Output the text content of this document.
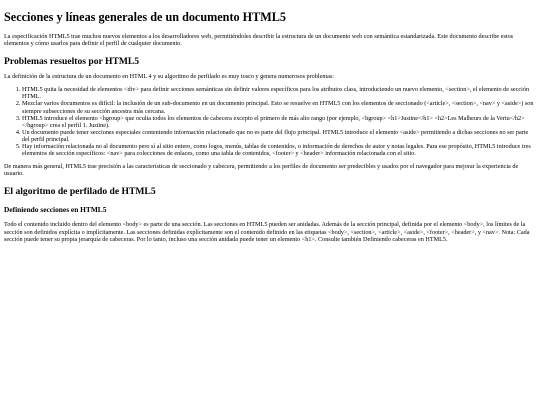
Secciones y líneas generales de un documento HTML5

La especificación HTML5 trae muchos nuevos elementos a los desarrolladores web, permitiéndoles describir la estructura de un documento web con semántica estandarizada. Este documento describe estos elementos y cómo usarlos para definir el perfil de cualquier documento.

Problemas resueltos por HTML5

La definición de la estructura de un documento en HTML 4 y su algoritmo de perfilado es muy tosco y genera numerosos problemas:

1. HTML5 quita la necesidad de elementos <div> para definir secciones semánticas sin definir valores específicos para los atributos class, introduciendo un nuevo elemento, <section>, el elemento de sección HTML.
2. Mezclar varios documentos es difícil: la inclusión de un sub-documento en un documento principal. Esto se resuelve en HTML5 con los elementos de seccionado (<article>, <section>, <nav> y <aside>) son siempre subsecciones de su sección ancestra más cercana.
3. HTML5 introduce el elemento <hgroup> que oculta todos los elementos de cabecera excepto el primero de más alto rango (por ejemplo, <hgroup> <h1>Justine</h1> <h2>Les Malheurs de la Vertu</h2> </hgroup> crea el perfil 1. Justine).
4. Un documento puede tener secciones especiales conteniendo información relacionado que no es parte del flujo principal. HTML5 introduce el elemento <aside> permitiendo a dichas secciones no ser parte del perfil principal.
5. Hay información relacionada no al documento pero sí al sitio entero, como logos, menús, tablas de contenidos, o información de derechos de autor y notas legales. Para ese propósito, HTML5 introduce tres elementos de sección específicos: <nav> para colecciones de enlaces, como una tabla de contenidos, <footer> y <header> información relacionada con el sitio.

De manera más general, HTML5 trae precisión a las características de seccionado y cabecera, permitiendo a los perfiles de documento ser predecibles y usados por el navegador para mejorar la experiencia de usuario.

El algoritmo de perfilado de HTML5
Definiendo secciones en HTML5

Todo el contenido incluido dentro del elemento <body> es parte de una sección. Las secciones en HTML5 pueden ser anidadas. Además de la sección principal, definida por el elemento <body>, los límites de la sección son definidos explícita o implícitamente. Las secciones definidas explícitamente son el contenido definido en las etiquetas <body>, <section>, <article>, <aside>, <footer>, <header>, y <nav>. Nota: Cada sección puede tener su propia jerarquía de cabeceras. Por lo tanto, incluso una sección anidada puede tener un elemento <h1>. Consulte también Definiendo cabeceras en HTML5.
